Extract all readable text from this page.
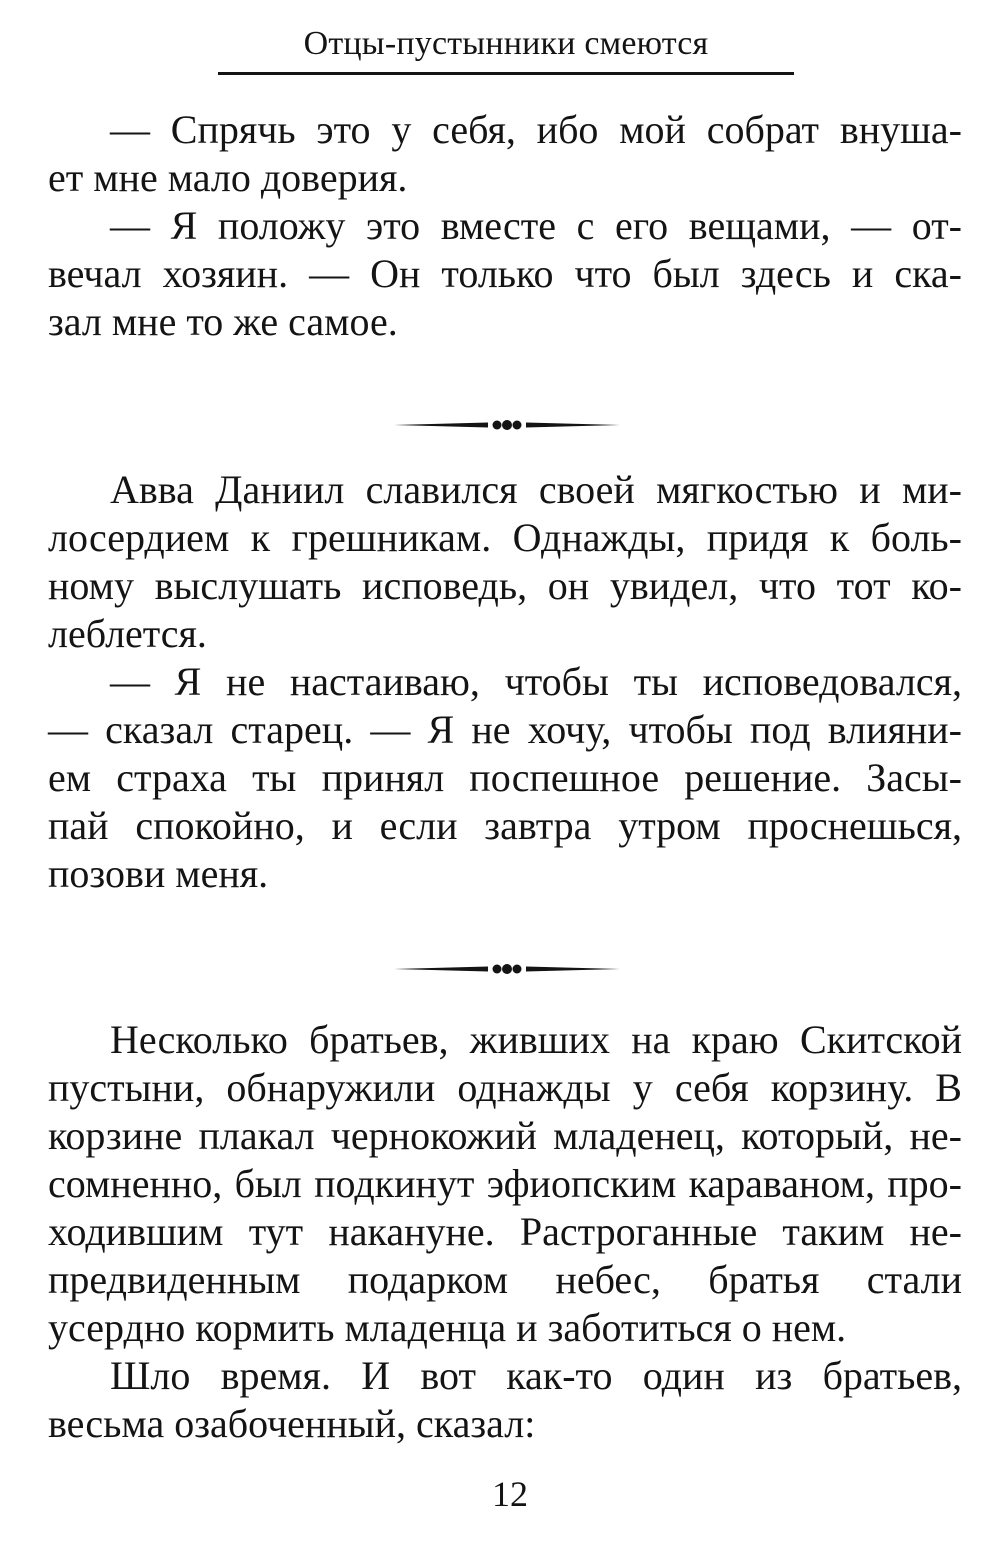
Отцы-пустынники смеются
— Спрячь это у себя, ибо мой собрат внуша-
ет мне мало доверия.
— Я положу это вместе с его вещами, — от-
вечал хозяин. — Он только что был здесь и ска-
зал мне то же самое.
Авва Даниил славился своей мягкостью и ми-
лосердием к грешникам. Однажды, придя к боль-
ному выслушать исповедь, он увидел, что тот ко-
леблется.
— Я не настаиваю, чтобы ты исповедовался,
— сказал старец. — Я не хочу, чтобы под влияни-
ем страха ты принял поспешное решение. Засы-
пай спокойно, и если завтра утром проснешься,
позови меня.
Несколько братьев, живших на краю Скитской
пустыни, обнаружили однажды у себя корзину. В
корзине плакал чернокожий младенец, который, не-
сомненно, был подкинут эфиопским караваном, про-
ходившим тут накануне. Растроганные таким не-
предвиденным подарком небес, братья стали
усердно кормить младенца и заботиться о нем.
Шло время. И вот как-то один из братьев,
весьма озабоченный, сказал:
12
